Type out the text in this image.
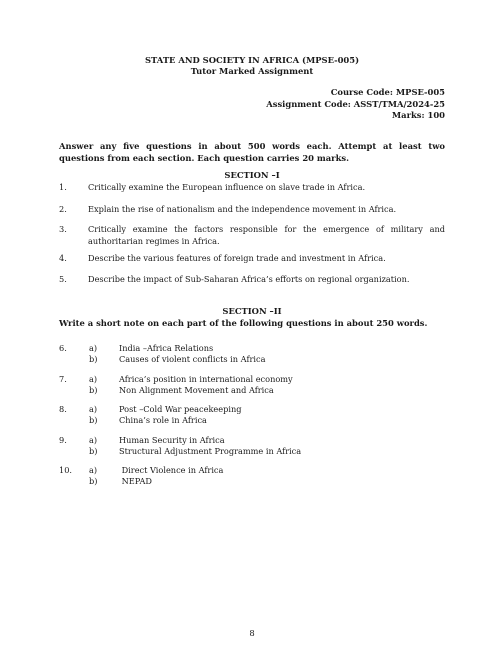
STATE AND SOCIETY IN AFRICA (MPSE-005)
Tutor Marked Assignment
Course Code: MPSE-005
Assignment Code: ASST/TMA/2024-25
Marks: 100
Answer any five questions in about 500 words each. Attempt at least two questions from each section. Each question carries 20 marks.
SECTION –I
1.	Critically examine the European influence on slave trade in Africa.
2.	Explain the rise of nationalism and the independence movement in Africa.
3.	Critically examine the factors responsible for the emergence of military and authoritarian regimes in Africa.
4.	Describe the various features of foreign trade and investment in Africa.
5.	Describe the impact of Sub-Saharan Africa’s efforts on regional organization.
SECTION –II
Write a short note on each part of the following questions in about 250 words.
6.	a)	India –Africa Relations
b)	Causes of violent conflicts in Africa
7.	a)	Africa’s position in international economy
b)	Non Alignment Movement and Africa
8.	a)	Post –Cold War peacekeeping
b)	China’s role in Africa
9.	a)	Human Security in Africa
b)	Structural Adjustment Programme in Africa
10. a)	Direct Violence in Africa
b)	NEPAD
8
